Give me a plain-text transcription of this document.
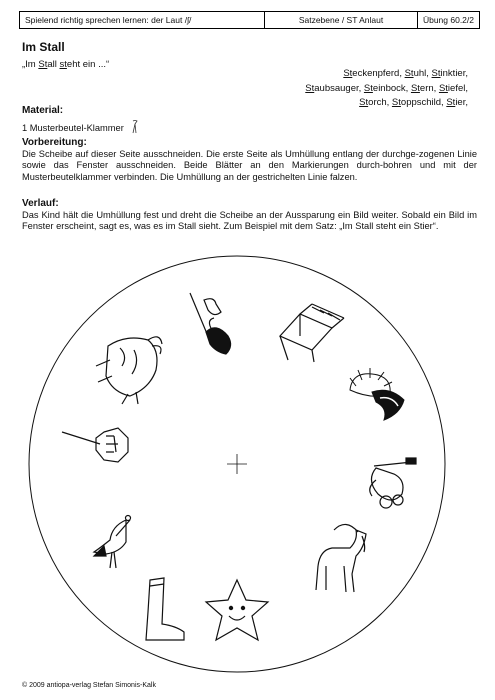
Spielend richtig sprechen lernen: der Laut /ʃ/	Satzebene / ST Anlaut	Übung 60.2/2
Im Stall
„Im Stall steht ein ...“
Steckenpferd, Stuhl, Stinktier,
Staubsauger, Steinbock, Stern, Stiefel,
Storch, Stoppschild, Stier,
Material:

1 Musterbeutel-Klammer

Vorbereitung:

Die Scheibe auf dieser Seite ausschneiden. Die erste Seite als Umhüllung entlang der durchge-zogenen Linie sowie das Fenster ausschneiden. Beide Blätter an den Markierungen durch-bohren und mit der Musterbeutelklammer verbinden. Die Umhüllung an der gestrichelten Linie falzen.

Verlauf:

Das Kind hält die Umhüllung fest und dreht die Scheibe an der Aussparung ein Bild weiter. Sobald ein Bild im Fenster erscheint, sagt es, was es im Stall sieht. Zum Beispiel mit dem Satz: „Im Stall steht ein Stier“.

© 2009 antiopa-verlag Stefan Simonis-Kalk
